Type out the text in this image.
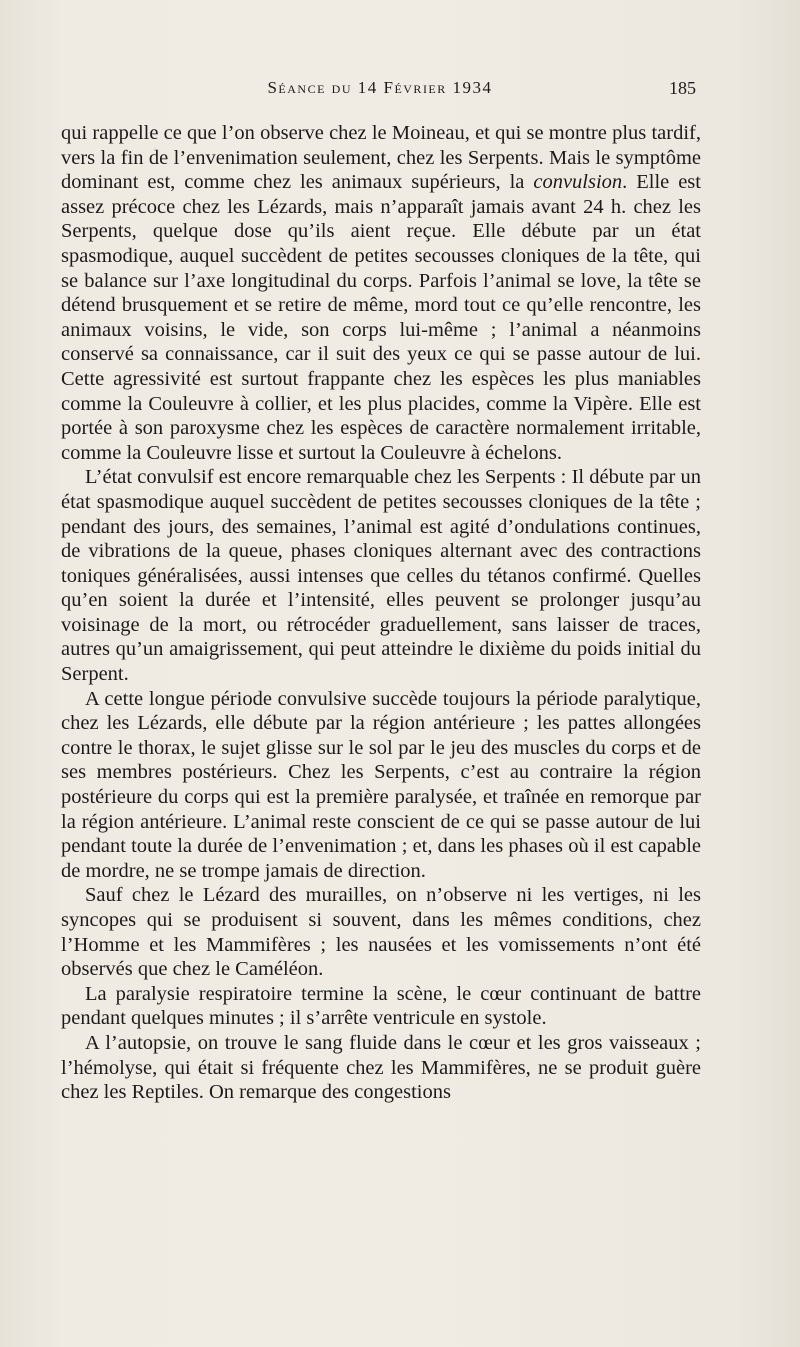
Séance du 14 Février 1934	185

qui rappelle ce que l’on observe chez le Moineau, et qui se montre plus tardif, vers la fin de l’envenimation seulement, chez les Serpents. Mais le symptôme dominant est, comme chez les animaux supérieurs, la convulsion. Elle est assez précoce chez les Lézards, mais n’apparaît jamais avant 24 h. chez les Serpents, quelque dose qu’ils aient reçue. Elle débute par un état spasmodique, auquel succèdent de petites secousses cloniques de la tête, qui se balance sur l’axe longitudinal du corps. Parfois l’animal se love, la tête se détend brusquement et se retire de même, mord tout ce qu’elle rencontre, les animaux voisins, le vide, son corps lui-même ; l’animal a néanmoins conservé sa connaissance, car il suit des yeux ce qui se passe autour de lui. Cette agressivité est surtout frappante chez les espèces les plus maniables comme la Couleuvre à collier, et les plus placides, comme la Vipère. Elle est portée à son paroxysme chez les espèces de caractère normalement irritable, comme la Couleuvre lisse et surtout la Couleuvre à échelons.

L’état convulsif est encore remarquable chez les Serpents : Il débute par un état spasmodique auquel succèdent de petites secousses cloniques de la tête ; pendant des jours, des semaines, l’animal est agité d’ondulations continues, de vibrations de la queue, phases cloniques alternant avec des contractions toniques généralisées, aussi intenses que celles du tétanos confirmé. Quelles qu’en soient la durée et l’intensité, elles peuvent se prolonger jusqu’au voisinage de la mort, ou rétrocéder graduellement, sans laisser de traces, autres qu’un amaigrissement, qui peut atteindre le dixième du poids initial du Serpent.

A cette longue période convulsive succède toujours la période paralytique, chez les Lézards, elle débute par la région antérieure ; les pattes allongées contre le thorax, le sujet glisse sur le sol par le jeu des muscles du corps et de ses membres postérieurs. Chez les Serpents, c’est au contraire la région postérieure du corps qui est la première paralysée, et traînée en remorque par la région antérieure. L’animal reste conscient de ce qui se passe autour de lui pendant toute la durée de l’envenimation ; et, dans les phases où il est capable de mordre, ne se trompe jamais de direction.

Sauf chez le Lézard des murailles, on n’observe ni les vertiges, ni les syncopes qui se produisent si souvent, dans les mêmes conditions, chez l’Homme et les Mammifères ; les nausées et les vomissements n’ont été observés que chez le Caméléon.

La paralysie respiratoire termine la scène, le cœur continuant de battre pendant quelques minutes ; il s’arrête ventricule en systole.

A l’autopsie, on trouve le sang fluide dans le cœur et les gros vaisseaux ; l’hémolyse, qui était si fréquente chez les Mammifères, ne se produit guère chez les Reptiles. On remarque des congestions
